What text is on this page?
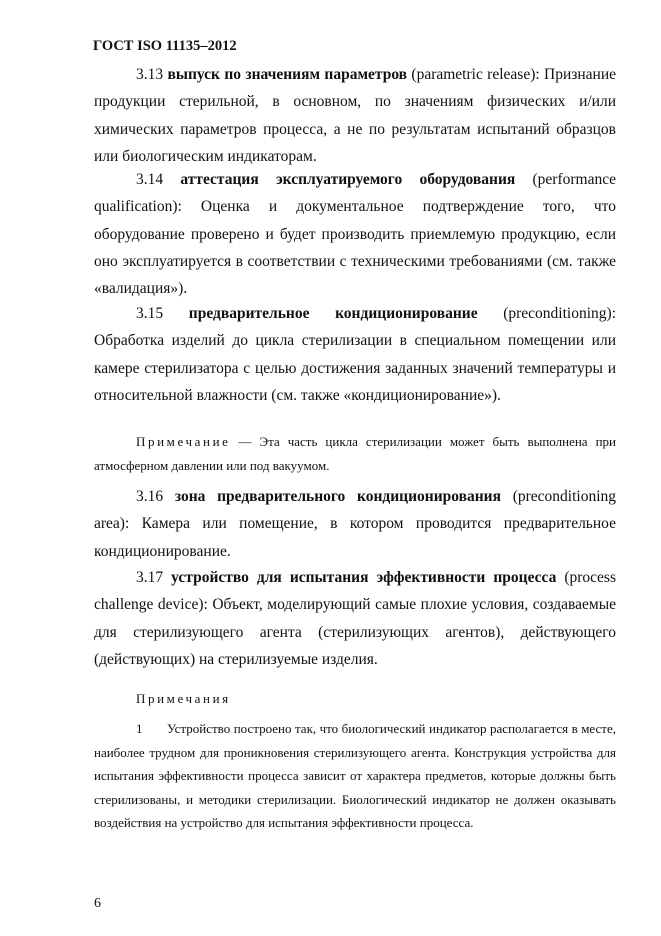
ГОСТ ISO 11135–2012

3.13 выпуск по значениям параметров (parametric release): Признание продукции стерильной, в основном, по значениям физических и/или химических параметров процесса, а не по результатам испытаний образцов или биологическим индикаторам.

3.14 аттестация эксплуатируемого оборудования (performance qualification): Оценка и документальное подтверждение того, что оборудование проверено и будет производить приемлемую продукцию, если оно эксплуатируется в соответствии с техническими требованиями (см. также «валидация»).

3.15 предварительное кондиционирование (preconditioning): Обработка изделий до цикла стерилизации в специальном помещении или камере стерилизатора с целью достижения заданных значений температуры и относительной влажности (см. также «кондиционирование»).

Примечание — Эта часть цикла стерилизации может быть выполнена при атмосферном давлении или под вакуумом.

3.16 зона предварительного кондиционирования (preconditioning area): Камера или помещение, в котором проводится предварительное кондиционирование.

3.17 устройство для испытания эффективности процесса (process challenge device): Объект, моделирующий самые плохие условия, создаваемые для стерилизующего агента (стерилизующих агентов), действующего (действующих) на стерилизуемые изделия.

Примечания

1 Устройство построено так, что биологический индикатор располагается в месте, наиболее трудном для проникновения стерилизующего агента. Конструкция устройства для испытания эффективности процесса зависит от характера предметов, которые должны быть стерилизованы, и методики стерилизации. Биологический индикатор не должен оказывать воздействия на устройство для испытания эффективности процесса.

6
